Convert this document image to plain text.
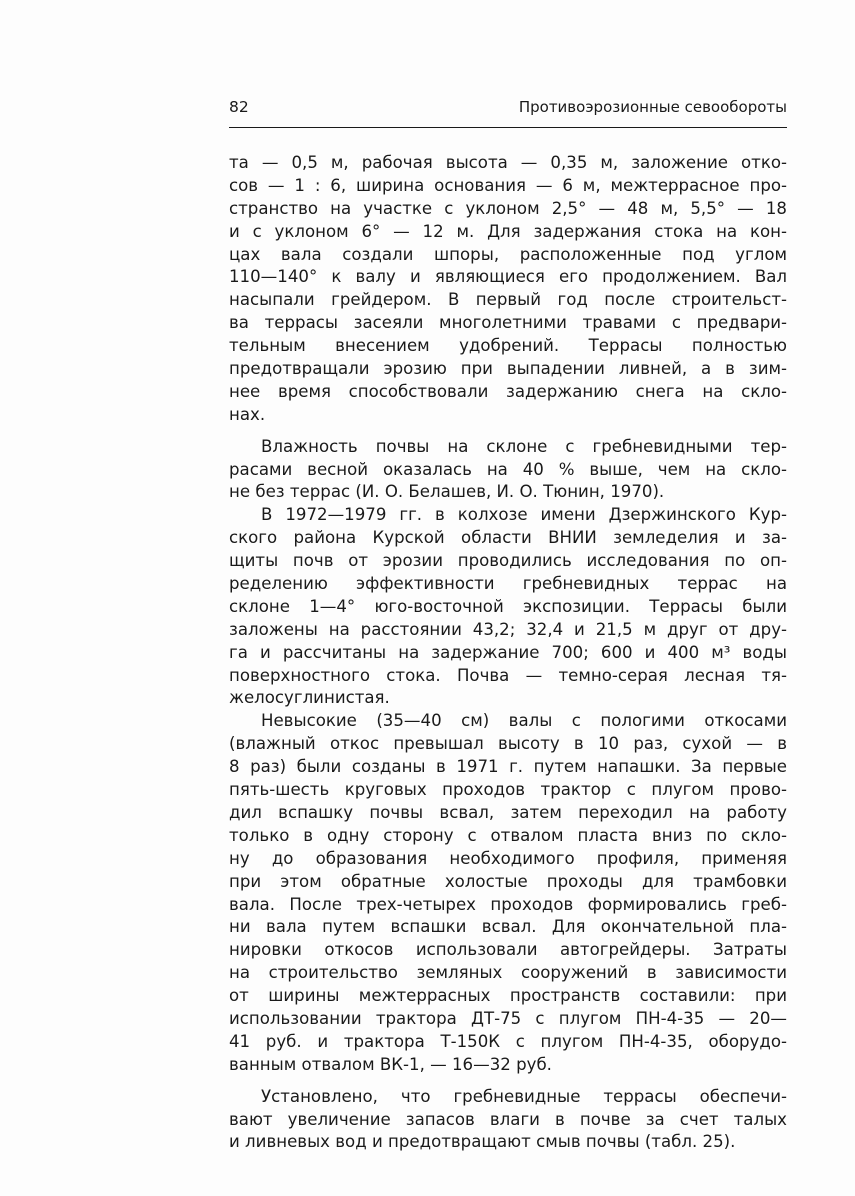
82	Противоэрозионные севообороты
та — 0,5 м, рабочая высота — 0,35 м, заложение отко-
сов — 1 : 6, ширина основания — 6 м, межтеррасное про-
странство на участке с уклоном 2,5° — 48 м, 5,5° — 18
и с уклоном 6° — 12 м. Для задержания стока на кон-
цах вала создали шпоры, расположенные под углом
110—140° к валу и являющиеся его продолжением. Вал
насыпали грейдером. В первый год после строительст-
ва террасы засеяли многолетними травами с предвари-
тельным внесением удобрений. Террасы полностью
предотвращали эрозию при выпадении ливней, а в зим-
нее время способствовали задержанию снега на скло-
нах.
Влажность почвы на склоне с гребневидными тер-
расами весной оказалась на 40 % выше, чем на скло-
не без террас (И. О. Белашев, И. О. Тюнин, 1970).
В 1972—1979 гг. в колхозе имени Дзержинского Кур-
ского района Курской области ВНИИ земледелия и за-
щиты почв от эрозии проводились исследования по оп-
ределению эффективности гребневидных террас на
склоне 1—4° юго-восточной экспозиции. Террасы были
заложены на расстоянии 43,2; 32,4 и 21,5 м друг от дру-
га и рассчитаны на задержание 700; 600 и 400 м³ воды
поверхностного стока. Почва — темно-серая лесная тя-
желосуглинистая.
Невысокие (35—40 см) валы с пологими откосами
(влажный откос превышал высоту в 10 раз, сухой — в
8 раз) были созданы в 1971 г. путем напашки. За первые
пять-шесть круговых проходов трактор с плугом прово-
дил вспашку почвы всвал, затем переходил на работу
только в одну сторону с отвалом пласта вниз по скло-
ну до образования необходимого профиля, применяя
при этом обратные холостые проходы для трамбовки
вала. После трех-четырех проходов формировались греб-
ни вала путем вспашки всвал. Для окончательной пла-
нировки откосов использовали автогрейдеры. Затраты
на строительство земляных сооружений в зависимости
от ширины межтеррасных пространств составили: при
использовании трактора ДТ-75 с плугом ПН-4-35 — 20—
41 руб. и трактора Т-150К с плугом ПН-4-35, оборудо-
ванным отвалом ВК-1, — 16—32 руб.
Установлено, что гребневидные террасы обеспечи-
вают увеличение запасов влаги в почве за счет талых
и ливневых вод и предотвращают смыв почвы (табл. 25).
